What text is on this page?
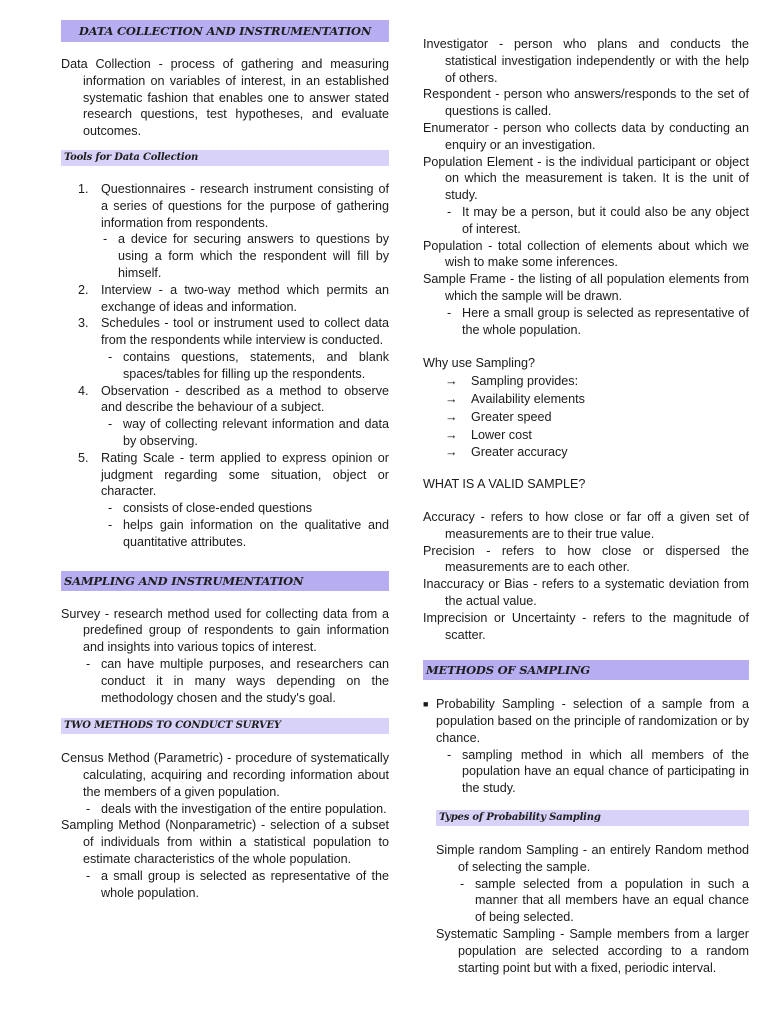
DATA COLLECTION AND INSTRUMENTATION

Data Collection - process of gathering and measuring information on variables of interest, in an established systematic fashion that enables one to answer stated research questions, test hypotheses, and evaluate outcomes.

Tools for Data Collection
1. Questionnaires - research instrument consisting of a series of questions for the purpose of gathering information from respondents.
- a device for securing answers to questions by using a form which the respondent will fill by himself.
2. Interview - a two-way method which permits an exchange of ideas and information.
3. Schedules - tool or instrument used to collect data from the respondents while interview is conducted.
- contains questions, statements, and blank spaces/tables for filling up the respondents.
4. Observation - described as a method to observe and describe the behaviour of a subject.
- way of collecting relevant information and data by observing.
5. Rating Scale - term applied to express opinion or judgment regarding some situation, object or character.
- consists of close-ended questions
- helps gain information on the qualitative and quantitative attributes.
SAMPLING AND INSTRUMENTATION

Survey - research method used for collecting data from a predefined group of respondents to gain information and insights into various topics of interest.

- can have multiple purposes, and researchers can conduct it in many ways depending on the methodology chosen and the study's goal.
TWO METHODS TO CONDUCT SURVEY

Census Method (Parametric) - procedure of systematically calculating, acquiring and recording information about the members of a given population.

- deals with the investigation of the entire population.

Sampling Method (Nonparametric) - selection of a subset of individuals from within a statistical population to estimate characteristics of the whole population.

- a small group is selected as representative of the whole population.

Investigator - person who plans and conducts the statistical investigation independently or with the help of others.

Respondent - person who answers/responds to the set of questions is called.

Enumerator - person who collects data by conducting an enquiry or an investigation.

Population Element - is the individual participant or object on which the measurement is taken. It is the unit of study.

- It may be a person, but it could also be any object of interest.

Population - total collection of elements about which we wish to make some inferences.

Sample Frame - the listing of all population elements from which the sample will be drawn.

- Here a small group is selected as representative of the whole population.

Why use Sampling?

→ Sampling provides:
→ Availability elements
→ Greater speed
→ Lower cost
→ Greater accuracy

WHAT IS A VALID SAMPLE?

Accuracy - refers to how close or far off a given set of measurements are to their true value.

Precision - refers to how close or dispersed the measurements are to each other.

Inaccuracy or Bias - refers to a systematic deviation from the actual value.

Imprecision or Uncertainty - refers to the magnitude of scatter.

METHODS OF SAMPLING
■ Probability Sampling - selection of a sample from a population based on the principle of randomization or by chance.
- sampling method in which all members of the population have an equal chance of participating in the study.
Types of Probability Sampling

Simple random Sampling - an entirely Random method of selecting the sample.

- sample selected from a population in such a manner that all members have an equal chance of being selected.

Systematic Sampling - Sample members from a larger population are selected according to a random starting point but with a fixed, periodic interval.
